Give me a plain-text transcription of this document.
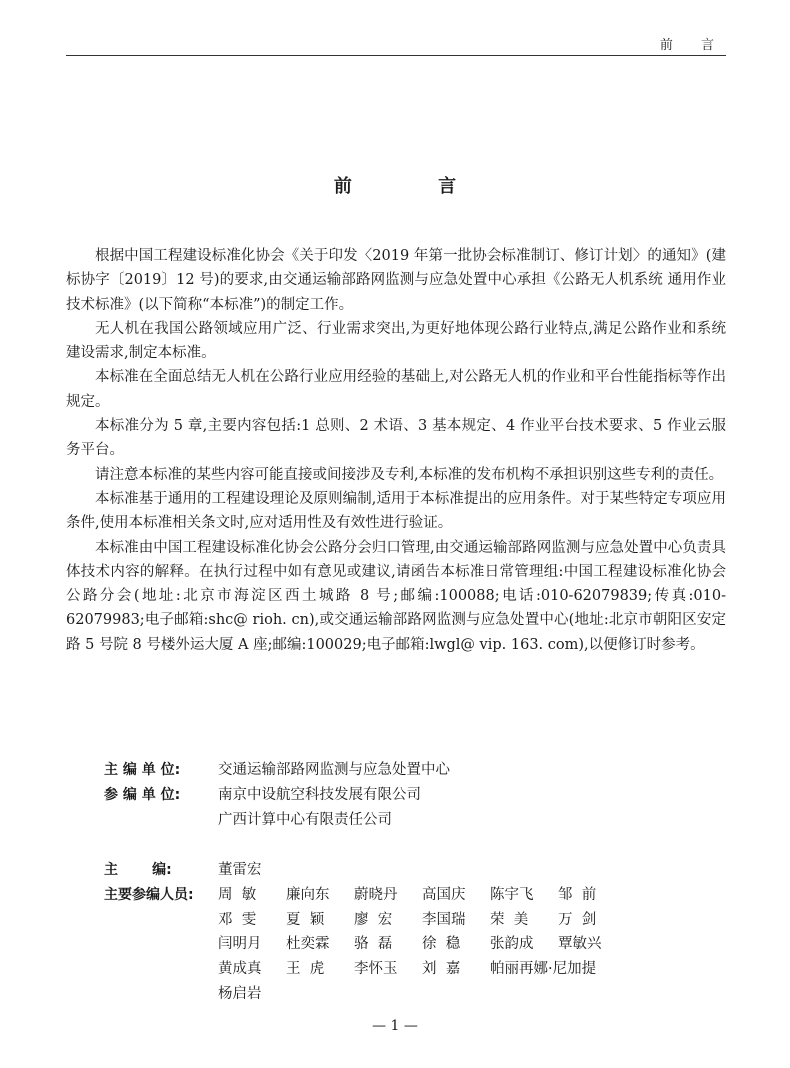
前 言
前 言

根据中国工程建设标准化协会《关于印发〈2019 年第一批协会标准制订、修订计划〉的通知》(建标协字〔2019〕12 号)的要求,由交通运输部路网监测与应急处置中心承担《公路无人机系统 通用作业技术标准》(以下简称“本标准”)的制定工作。

无人机在我国公路领域应用广泛、行业需求突出,为更好地体现公路行业特点,满足公路作业和系统建设需求,制定本标准。

本标准在全面总结无人机在公路行业应用经验的基础上,对公路无人机的作业和平台性能指标等作出规定。

本标准分为 5 章,主要内容包括:1 总则、2 术语、3 基本规定、4 作业平台技术要求、5 作业云服务平台。

请注意本标准的某些内容可能直接或间接涉及专利,本标准的发布机构不承担识别这些专利的责任。

本标准基于通用的工程建设理论及原则编制,适用于本标准提出的应用条件。对于某些特定专项应用条件,使用本标准相关条文时,应对适用性及有效性进行验证。

本标准由中国工程建设标准化协会公路分会归口管理,由交通运输部路网监测与应急处置中心负责具体技术内容的解释。在执行过程中如有意见或建议,请函告本标准日常管理组:中国工程建设标准化协会公路分会(地址:北京市海淀区西土城路 8 号;邮编:100088;电话:010-62079839;传真:010-62079983;电子邮箱:shc@ rioh. cn),或交通运输部路网监测与应急处置中心(地址:北京市朝阳区安定路 5 号院 8 号楼外运大厦 A 座;邮编:100029;电子邮箱:lwgl@ vip. 163. com),以便修订时参考。

主 编 单 位:	交通运输部路网监测与应急处置中心
参 编 单 位:	南京中设航空科技发展有限公司
广西计算中心有限责任公司
主       编:	董雷宏
主要参编人员:	周  敏	廉向东	蔚晓丹	高国庆	陈宇飞	邹  前
邓  雯	夏  颖	廖  宏	李国瑞	荣  美	万  剑
闫明月	杜奕霖	骆  磊	徐  稳	张韵成	覃敏兴
黄成真	王  虎	李怀玉	刘  嘉	帕丽再娜·尼加提
杨启岩
— 1 —
